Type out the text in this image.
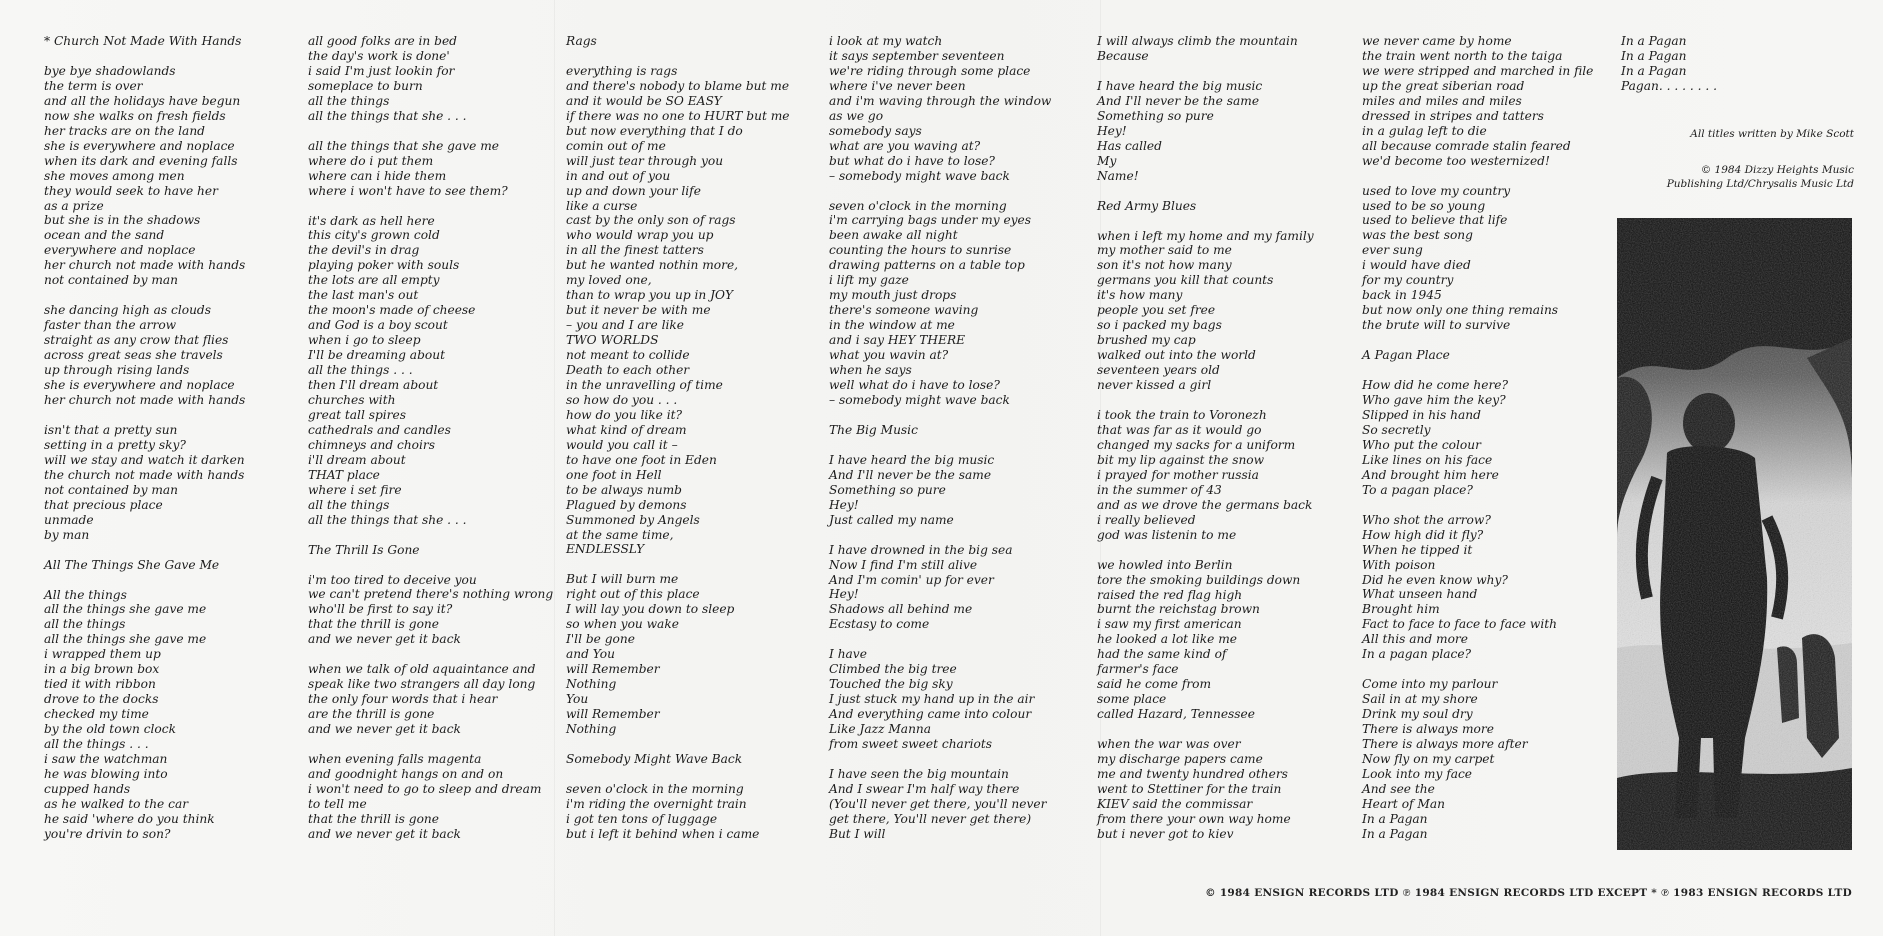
* Church Not Made With Hands
bye bye shadowlands
the term is over
and all the holidays have begun
now she walks on fresh fields
her tracks are on the land
she is everywhere and noplace
when its dark and evening falls
she moves among men
they would seek to have her
as a prize
but she is in the shadows
ocean and the sand
everywhere and noplace
her church not made with hands
not contained by man
she dancing high as clouds
faster than the arrow
straight as any crow that flies
across great seas she travels
up through rising lands
she is everywhere and noplace
her church not made with hands
isn't that a pretty sun
setting in a pretty sky?
will we stay and watch it darken
the church not made with hands
not contained by man
that precious place
unmade
by man
All The Things She Gave Me
All the things
all the things she gave me
all the things
all the things she gave me
i wrapped them up
in a big brown box
tied it with ribbon
drove to the docks
checked my time
by the old town clock
all the things . . .
i saw the watchman
he was blowing into
cupped hands
as he walked to the car
he said 'where do you think
you're drivin to son?
all good folks are in bed
the day's work is done'
i said I'm just lookin for
someplace to burn
all the things
all the things that she . . .
all the things that she gave me
where do i put them
where can i hide them
where i won't have to see them?
it's dark as hell here
this city's grown cold
the devil's in drag
playing poker with souls
the lots are all empty
the last man's out
the moon's made of cheese
and God is a boy scout
when i go to sleep
I'll be dreaming about
all the things . . .
then I'll dream about
churches with
great tall spires
cathedrals and candles
chimneys and choirs
i'll dream about
THAT place
where i set fire
all the things
all the things that she . . .
The Thrill Is Gone
i'm too tired to deceive you
we can't pretend there's nothing wrong
who'll be first to say it?
that the thrill is gone
and we never get it back
when we talk of old aquaintance and
speak like two strangers all day long
the only four words that i hear
are the thrill is gone
and we never get it back
when evening falls magenta
and goodnight hangs on and on
i won't need to go to sleep and dream
to tell me
that the thrill is gone
and we never get it back
Rags
everything is rags
and there's nobody to blame but me
and it would be SO EASY
if there was no one to HURT but me
but now everything that I do
comin out of me
will just tear through you
in and out of you
up and down your life
like a curse
cast by the only son of rags
who would wrap you up
in all the finest tatters
but he wanted nothin more,
my loved one,
than to wrap you up in JOY
but it never be with me
– you and I are like
TWO WORLDS
not meant to collide
Death to each other
in the unravelling of time
so how do you . . .
how do you like it?
what kind of dream
would you call it –
to have one foot in Eden
one foot in Hell
to be always numb
Plagued by demons
Summoned by Angels
at the same time,
ENDLESSLY
But I will burn me
right out of this place
I will lay you down to sleep
so when you wake
I'll be gone
and You
will Remember
Nothing
You
will Remember
Nothing
Somebody Might Wave Back
seven o'clock in the morning
i'm riding the overnight train
i got ten tons of luggage
but i left it behind when i came
i look at my watch
it says september seventeen
we're riding through some place
where i've never been
and i'm waving through the window
as we go
somebody says
what are you waving at?
but what do i have to lose?
– somebody might wave back
seven o'clock in the morning
i'm carrying bags under my eyes
been awake all night
counting the hours to sunrise
drawing patterns on a table top
i lift my gaze
my mouth just drops
there's someone waving
in the window at me
and i say HEY THERE
what you wavin at?
when he says
well what do i have to lose?
– somebody might wave back
The Big Music
I have heard the big music
And I'll never be the same
Something so pure
Hey!
Just called my name
I have drowned in the big sea
Now I find I'm still alive
And I'm comin' up for ever
Hey!
Shadows all behind me
Ecstasy to come
I have
Climbed the big tree
Touched the big sky
I just stuck my hand up in the air
And everything came into colour
Like Jazz Manna
from sweet sweet chariots
I have seen the big mountain
And I swear I'm half way there
(You'll never get there, you'll never
get there, You'll never get there)
But I will
I will always climb the mountain
Because
I have heard the big music
And I'll never be the same
Something so pure
Hey!
Has called
My
Name!
Red Army Blues
when i left my home and my family
my mother said to me
son it's not how many
germans you kill that counts
it's how many
people you set free
so i packed my bags
brushed my cap
walked out into the world
seventeen years old
never kissed a girl
i took the train to Voronezh
that was far as it would go
changed my sacks for a uniform
bit my lip against the snow
i prayed for mother russia
in the summer of 43
and as we drove the germans back
i really believed
god was listenin to me
we howled into Berlin
tore the smoking buildings down
raised the red flag high
burnt the reichstag brown
i saw my first american
he looked a lot like me
had the same kind of
farmer's face
said he come from
some place
called Hazard, Tennessee
when the war was over
my discharge papers came
me and twenty hundred others
went to Stettiner for the train
KIEV said the commissar
from there your own way home
but i never got to kiev
we never came by home
the train went north to the taiga
we were stripped and marched in file
up the great siberian road
miles and miles and miles
dressed in stripes and tatters
in a gulag left to die
all because comrade stalin feared
we'd become too westernized!
used to love my country
used to be so young
used to believe that life
was the best song
ever sung
i would have died
for my country
back in 1945
but now only one thing remains
the brute will to survive
A Pagan Place
How did he come here?
Who gave him the key?
Slipped in his hand
So secretly
Who put the colour
Like lines on his face
And brought him here
To a pagan place?
Who shot the arrow?
How high did it fly?
When he tipped it
With poison
Did he even know why?
What unseen hand
Brought him
Fact to face to face to face with
All this and more
In a pagan place?
Come into my parlour
Sail in at my shore
Drink my soul dry
There is always more
There is always more after
Now fly on my carpet
Look into my face
And see the
Heart of Man
In a Pagan
In a Pagan
In a Pagan
In a Pagan
In a Pagan
Pagan. . . . . . . .
All titles written by Mike Scott
© 1984 Dizzy Heights Music
Publishing Ltd/Chrysalis Music Ltd
© 1984 ENSIGN RECORDS LTD ℗ 1984 ENSIGN RECORDS LTD EXCEPT * ℗ 1983 ENSIGN RECORDS LTD
